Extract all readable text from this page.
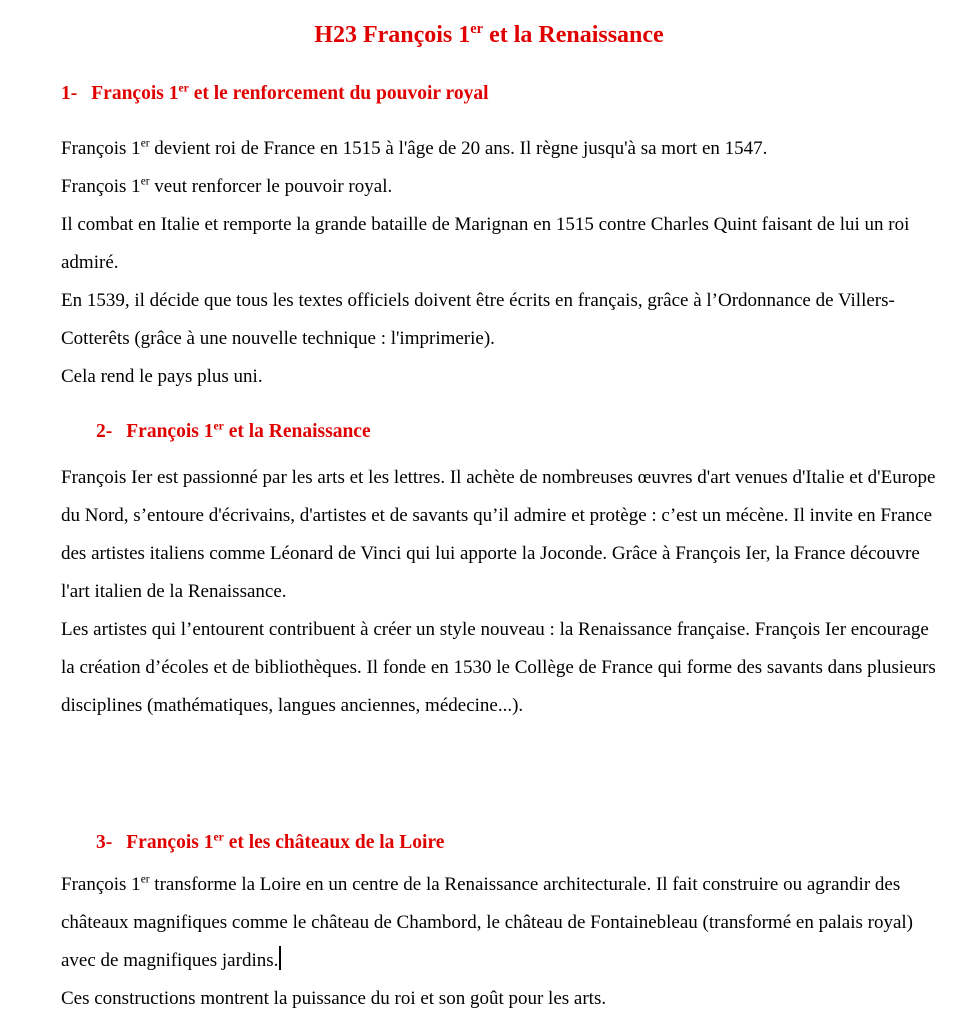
H23 François 1er et la Renaissance
1- François 1er et le renforcement du pouvoir royal

François 1er devient roi de France en 1515 à l'âge de 20 ans. Il règne jusqu'à sa mort en 1547.

François 1er veut renforcer le pouvoir royal.

Il combat en Italie et remporte la grande bataille de Marignan en 1515 contre Charles Quint faisant de lui un roi admiré.

En 1539, il décide que tous les textes officiels doivent être écrits en français, grâce à l’Ordonnance de Villers-Cotterêts (grâce à une nouvelle technique : l'imprimerie).

Cela rend le pays plus uni.

2- François 1er et la Renaissance

François Ier est passionné par les arts et les lettres. Il achète de nombreuses œuvres d'art venues d'Italie et d'Europe du Nord, s’entoure d'écrivains, d'artistes et de savants qu’il admire et protège : c’est un mécène. Il invite en France des artistes italiens comme Léonard de Vinci qui lui apporte la Joconde. Grâce à François Ier, la France découvre l'art italien de la Renaissance.

Les artistes qui l’entourent contribuent à créer un style nouveau : la Renaissance française. François Ier encourage la création d’écoles et de bibliothèques. Il fonde en 1530 le Collège de France qui forme des savants dans plusieurs disciplines (mathématiques, langues anciennes, médecine...).

3- François 1er et les châteaux de la Loire

François 1er transforme la Loire en un centre de la Renaissance architecturale. Il fait construire ou agrandir des châteaux magnifiques comme le château de Chambord, le château de Fontainebleau (transformé en palais royal) avec de magnifiques jardins.

Ces constructions montrent la puissance du roi et son goût pour les arts.
